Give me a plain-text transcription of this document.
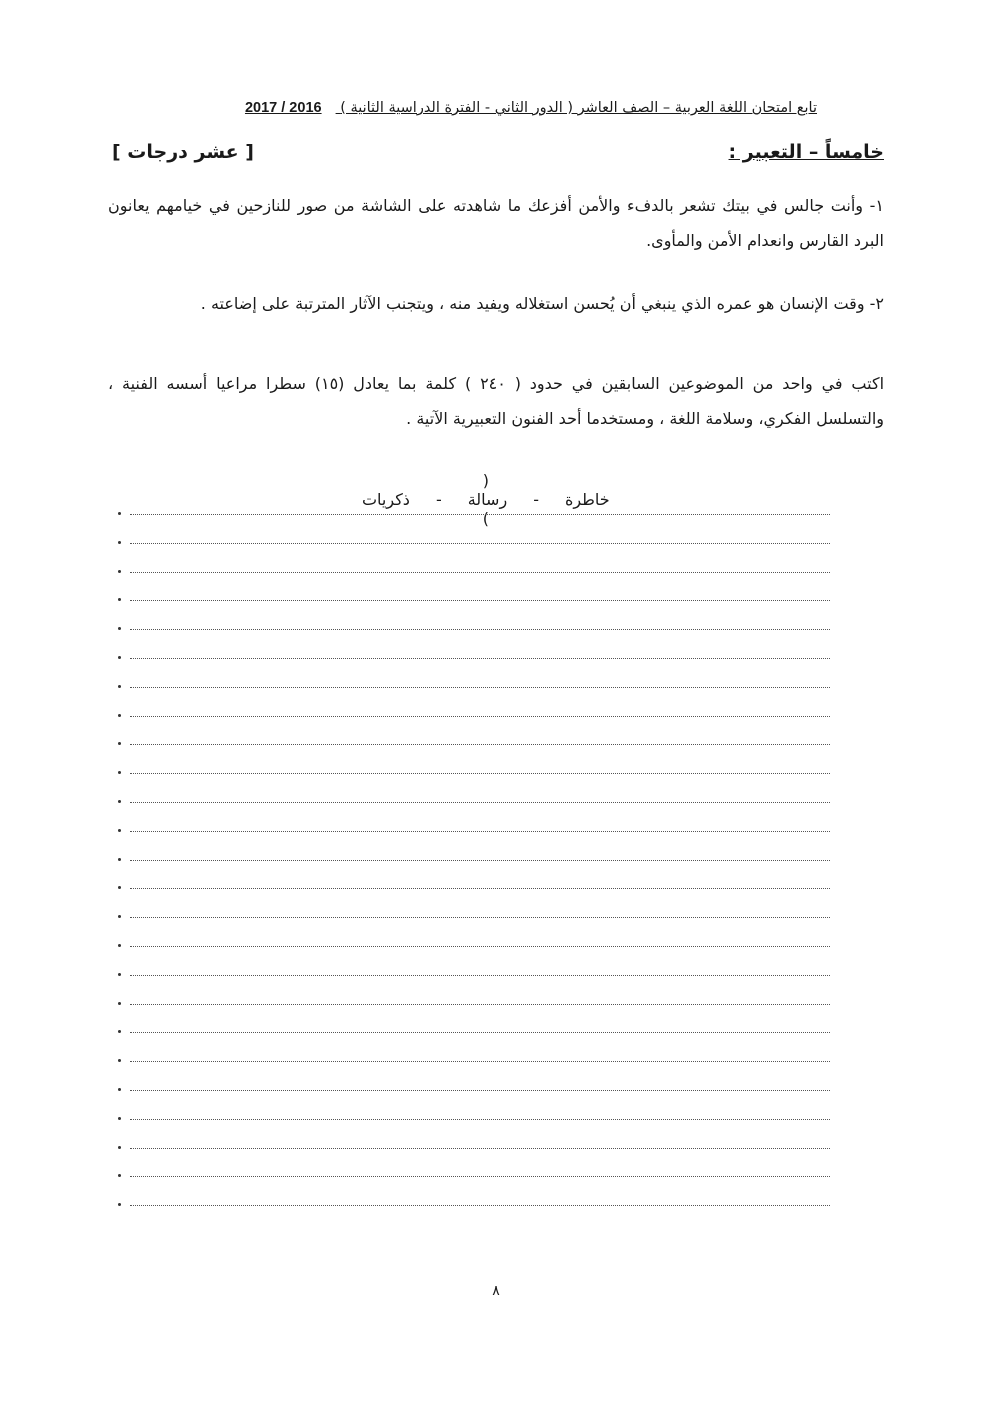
تابع امتحان اللغة العربية – الصف العاشر ( الدور الثاني - الفترة الدراسية الثانية ) 2017 / 2016
خامساً – التعبير :
[ عشر درجات ]
١- وأنت جالس في بيتك تشعر بالدفء والأمن أفزعك ما شاهدته على الشاشة من صور للنازحين في خيامهم يعانون البرد القارس وانعدام الأمن والمأوى.
٢- وقت الإنسان هو عمره الذي ينبغي أن يُحسن استغلاله ويفيد منه ، ويتجنب الآثار المترتبة على إضاعته .
اكتب في واحد من الموضوعين السابقين في حدود ( ٢٤٠ ) كلمة بما يعادل (١٥) سطرا مراعيا أسسه الفنية ، والتسلسل الفكري، وسلامة اللغة ، ومستخدما أحد الفنون التعبيرية الآتية .

(
خاطرة-رسالة-ذكريات
)

٨
